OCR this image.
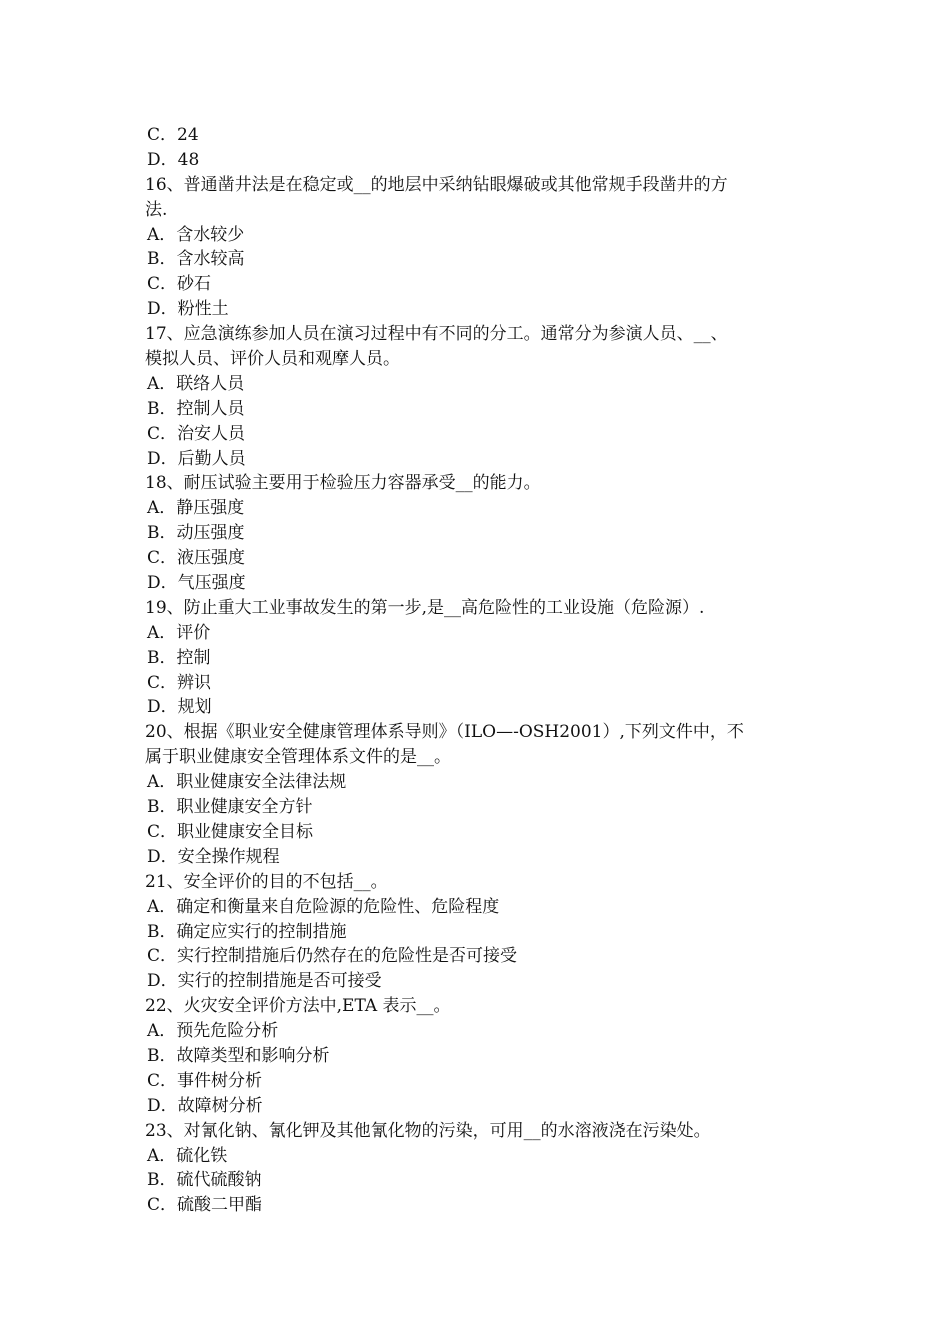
C．24
D．48
16、普通凿井法是在稳定或__的地层中采纳钻眼爆破或其他常规手段凿井的方
法.
A．含水较少
B．含水较高
C．砂石
D．粉性土
17、应急演练参加人员在演习过程中有不同的分工。通常分为参演人员、__、
模拟人员、评价人员和观摩人员。
A．联络人员
B．控制人员
C．治安人员
D．后勤人员
18、耐压试验主要用于检验压力容器承受__的能力。
A．静压强度
B．动压强度
C．液压强度
D．气压强度
19、防止重大工业事故发生的第一步,是__高危险性的工业设施（危险源）.
A．评价
B．控制
C．辨识
D．规划
20、根据《职业安全健康管理体系导则》（ILO—-OSH2001）,下列文件中，不
属于职业健康安全管理体系文件的是__。
A．职业健康安全法律法规
B．职业健康安全方针
C．职业健康安全目标
D．安全操作规程
21、安全评价的目的不包括__。
A．确定和衡量来自危险源的危险性、危险程度
B．确定应实行的控制措施
C．实行控制措施后仍然存在的危险性是否可接受
D．实行的控制措施是否可接受
22、火灾安全评价方法中,ETA 表示__。
A．预先危险分析
B．故障类型和影响分析
C．事件树分析
D．故障树分析
23、对氰化钠、氰化钾及其他氰化物的污染，可用__的水溶液浇在污染处。
A．硫化铁
B．硫代硫酸钠
C．硫酸二甲酯
